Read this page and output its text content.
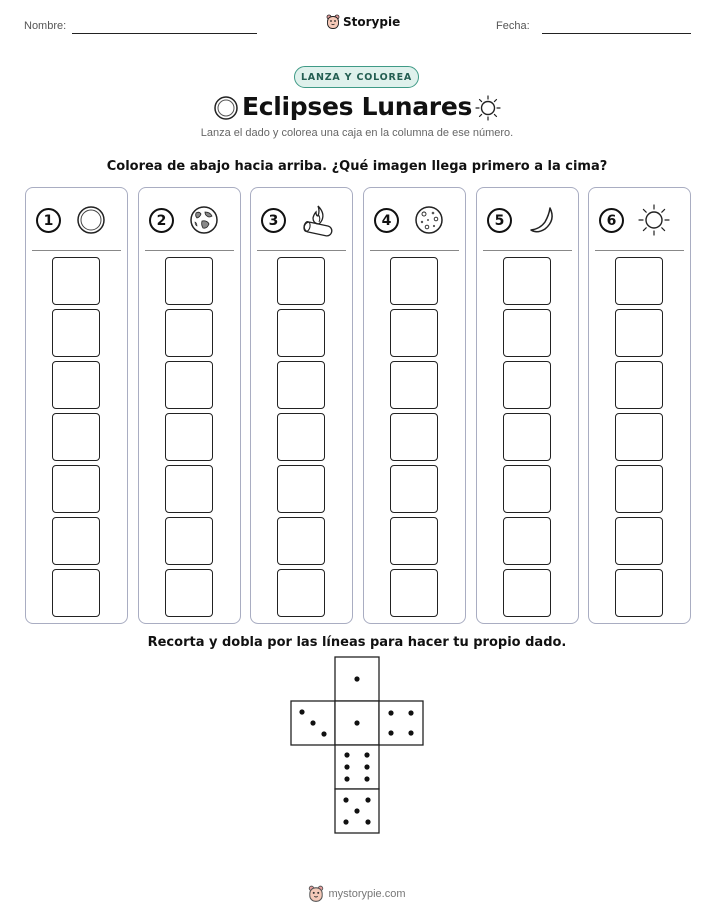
Nombre:	Storypie	Fecha:
LANZA Y COLOREA
Eclipses Lunares
Lanza el dado y colorea una caja en la columna de ese número.
Colorea de abajo hacia arriba. ¿Qué imagen llega primero a la cima?
1	2	3	4	5	6
Recorta y dobla por las líneas para hacer tu propio dado.
mystorypie.com
